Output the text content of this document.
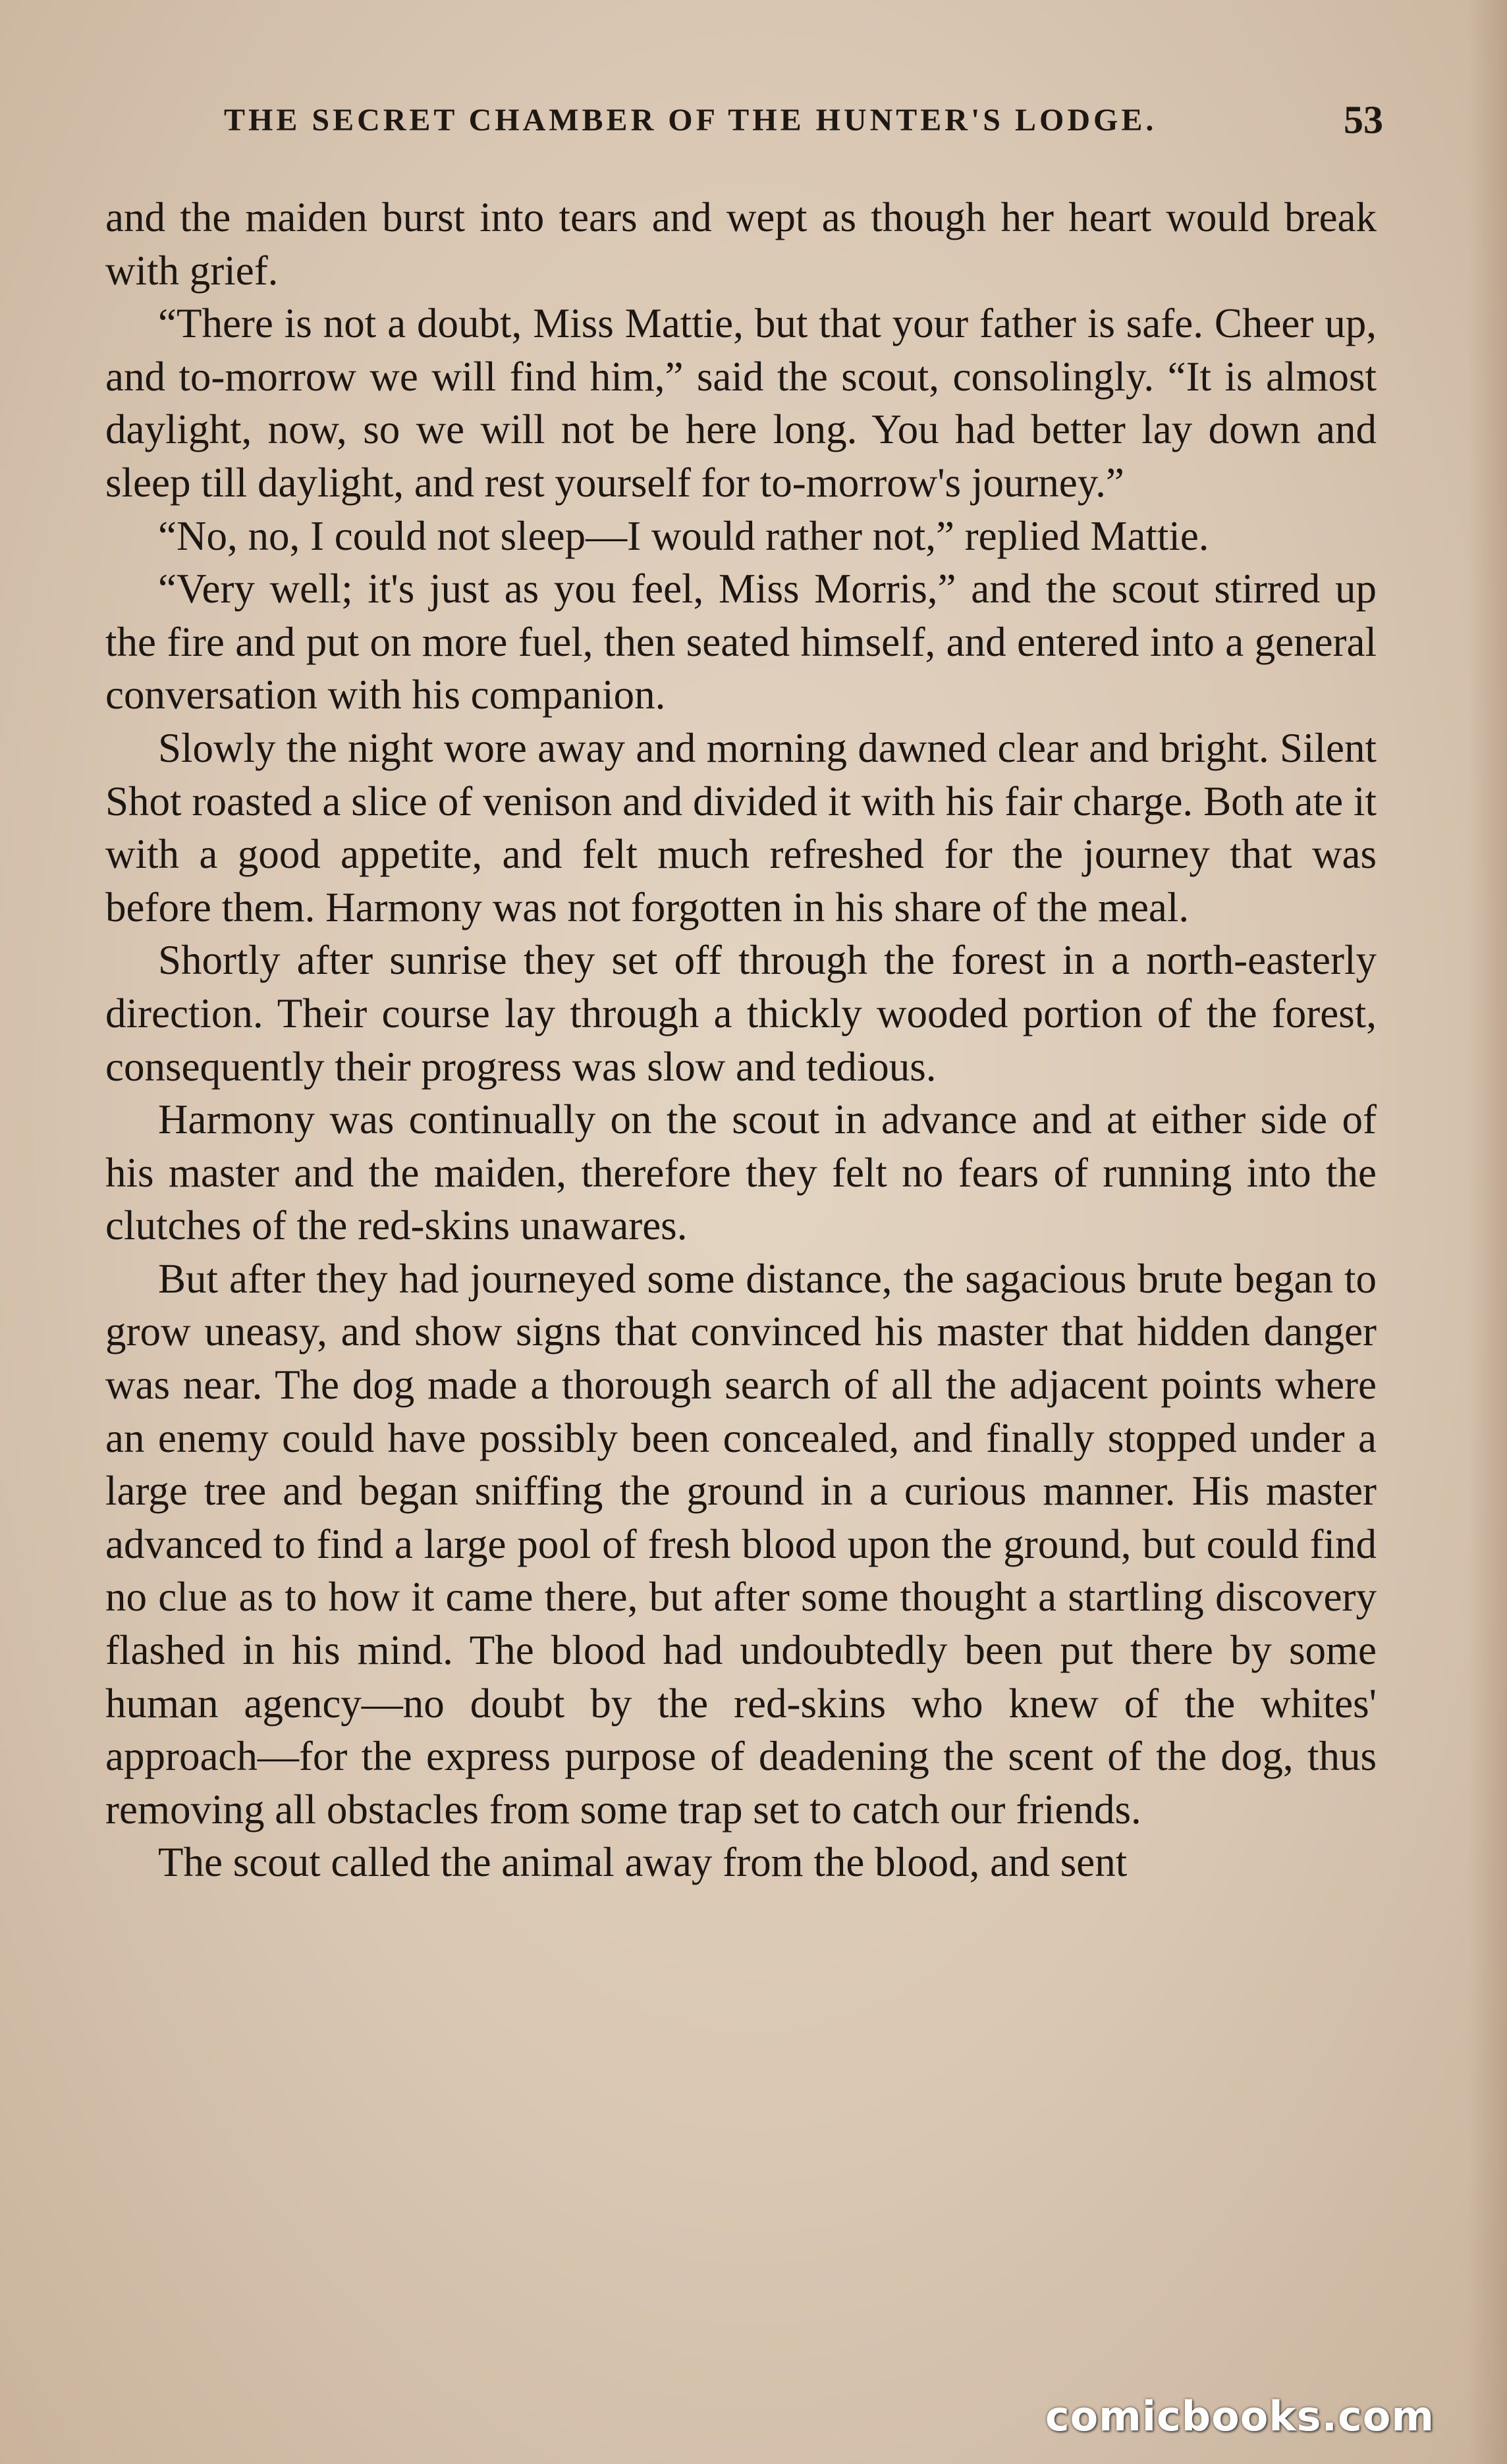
THE SECRET CHAMBER OF THE HUNTER'S LODGE.	53

and the maiden burst into tears and wept as though her heart would break with grief.

“There is not a doubt, Miss Mattie, but that your father is safe. Cheer up, and to-morrow we will find him,” said the scout, consolingly. “It is almost daylight, now, so we will not be here long. You had better lay down and sleep till daylight, and rest yourself for to-morrow's journey.”

“No, no, I could not sleep—I would rather not,” replied Mattie.

“Very well; it's just as you feel, Miss Morris,” and the scout stirred up the fire and put on more fuel, then seated himself, and entered into a general conversation with his companion.

Slowly the night wore away and morning dawned clear and bright. Silent Shot roasted a slice of venison and divided it with his fair charge. Both ate it with a good appetite, and felt much refreshed for the journey that was before them. Harmony was not forgotten in his share of the meal.

Shortly after sunrise they set off through the forest in a north-easterly direction. Their course lay through a thickly wooded portion of the forest, consequently their progress was slow and tedious.

Harmony was continually on the scout in advance and at either side of his master and the maiden, therefore they felt no fears of running into the clutches of the red-skins unawares.

But after they had journeyed some distance, the sagacious brute began to grow uneasy, and show signs that convinced his master that hidden danger was near. The dog made a thorough search of all the adjacent points where an enemy could have possibly been concealed, and finally stopped under a large tree and began sniffing the ground in a curious manner. His master advanced to find a large pool of fresh blood upon the ground, but could find no clue as to how it came there, but after some thought a startling discovery flashed in his mind. The blood had undoubtedly been put there by some human agency—no doubt by the red-skins who knew of the whites' approach—for the express purpose of deadening the scent of the dog, thus removing all obstacles from some trap set to catch our friends.

The scout called the animal away from the blood, and sent

comicbooks.com
